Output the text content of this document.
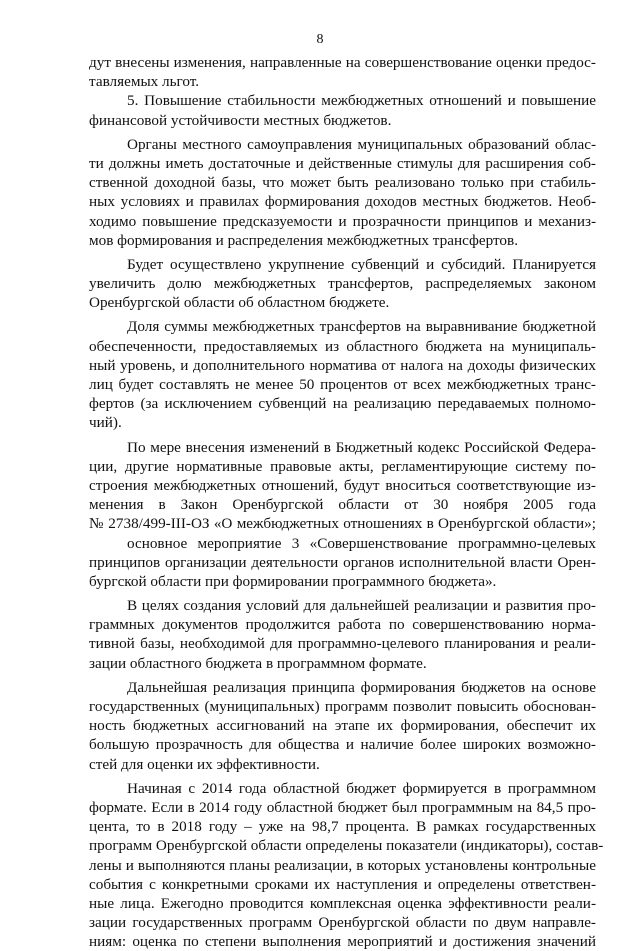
8
дут внесены изменения, направленные на совершенствование оценки предос-
тавляемых льгот.
5. Повышение стабильности межбюджетных отношений и повышение
финансовой устойчивости местных бюджетов.
Органы местного самоуправления муниципальных образований облас-
ти должны иметь достаточные и действенные стимулы для расширения соб-
ственной доходной базы, что может быть реализовано только при стабиль-
ных условиях и правилах формирования доходов местных бюджетов. Необ-
ходимо повышение предсказуемости и прозрачности принципов и механиз-
мов формирования и распределения межбюджетных трансфертов.
Будет осуществлено укрупнение субвенций и субсидий. Планируется
увеличить долю межбюджетных трансфертов, распределяемых законом
Оренбургской области об областном бюджете.
Доля суммы межбюджетных трансфертов на выравнивание бюджетной
обеспеченности, предоставляемых из областного бюджета на муниципаль-
ный уровень, и дополнительного норматива от налога на доходы физических
лиц будет составлять не менее 50 процентов от всех межбюджетных транс-
фертов (за исключением субвенций на реализацию передаваемых полномо-
чий).
По мере внесения изменений в Бюджетный кодекс Российской Федера-
ции, другие нормативные правовые акты, регламентирующие систему по-
строения межбюджетных отношений, будут вноситься соответствующие из-
менения в Закон Оренбургской области от 30 ноября 2005 года
№ 2738/499-III-ОЗ «О межбюджетных отношениях в Оренбургской области»;
основное мероприятие 3 «Совершенствование программно-целевых
принципов организации деятельности органов исполнительной власти Орен-
бургской области при формировании программного бюджета».
В целях создания условий для дальнейшей реализации и развития про-
граммных документов продолжится работа по совершенствованию норма-
тивной базы, необходимой для программно-целевого планирования и реали-
зации областного бюджета в программном формате.
Дальнейшая реализация принципа формирования бюджетов на основе
государственных (муниципальных) программ позволит повысить обоснован-
ность бюджетных ассигнований на этапе их формирования, обеспечит их
большую прозрачность для общества и наличие более широких возможно-
стей для оценки их эффективности.
Начиная с 2014 года областной бюджет формируется в программном
формате. Если в 2014 году областной бюджет был программным на 84,5 про-
цента, то в 2018 году – уже на 98,7 процента. В рамках государственных
программ Оренбургской области определены показатели (индикаторы), состав-
лены и выполняются планы реализации, в которых установлены контрольные
события с конкретными сроками их наступления и определены ответствен-
ные лица. Ежегодно проводится комплексная оценка эффективности реали-
зации государственных программ Оренбургской области по двум направле-
ниям: оценка по степени выполнения мероприятий и достижения значений
